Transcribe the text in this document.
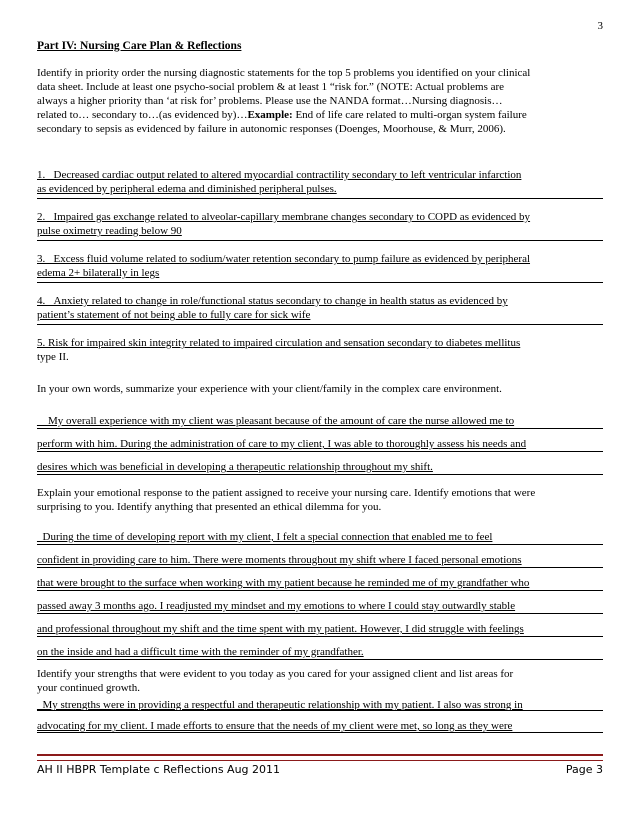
3
Part IV: Nursing Care Plan & Reflections
Identify in priority order the nursing diagnostic statements for the top 5 problems you identified on your clinical
data sheet. Include at least one psycho-social problem & at least 1 “risk for.” (NOTE: Actual problems are
always a higher priority than ‘at risk for’ problems. Please use the NANDA format…Nursing diagnosis…
related to… secondary to…(as evidenced by)…Example: End of life care related to multi-organ system failure
secondary to sepsis as evidenced by failure in autonomic responses (Doenges, Moorhouse, & Murr, 2006).
1. _Decreased cardiac output related to altered myocardial contractility secondary to left ventricular infarction
as evidenced by peripheral edema and diminished peripheral pulses.
2. _Impaired gas exchange related to alveolar-capillary membrane changes secondary to COPD as evidenced by
pulse oximetry reading below 90
3. _Excess fluid volume related to sodium/water retention secondary to pump failure as evidenced by peripheral
edema 2+ bilaterally in legs
4. _Anxiety related to change in role/functional status secondary to change in health status as evidenced by
patient’s statement of not being able to fully care for sick wife
5. Risk for impaired skin integrity related to impaired circulation and sensation secondary to diabetes mellitus
type II.
In your own words, summarize your experience with your client/family in the complex care environment.
__My overall experience with my client was pleasant because of the amount of care the nurse allowed me to
perform with him. During the administration of care to my client, I was able to thoroughly assess his needs and
desires which was beneficial in developing a therapeutic relationship throughout my shift.
Explain your emotional response to the patient assigned to receive your nursing care. Identify emotions that were
surprising to you. Identify anything that presented an ethical dilemma for you.
_During the time of developing report with my client, I felt a special connection that enabled me to feel
confident in providing care to him. There were moments throughout my shift where I faced personal emotions
that were brought to the surface when working with my patient because he reminded me of my grandfather who
passed away 3 months ago. I readjusted my mindset and my emotions to where I could stay outwardly stable
and professional throughout my shift and the time spent with my patient. However, I did struggle with feelings
on the inside and had a difficult time with the reminder of my grandfather.
Identify your strengths that were evident to you today as you cared for your assigned client and list areas for
your continued growth.
_My strengths were in providing a respectful and therapeutic relationship with my patient. I also was strong in
advocating for my client. I made efforts to ensure that the needs of my client were met, so long as they were
AH II HBPR Template c Reflections Aug 2011	Page 3
